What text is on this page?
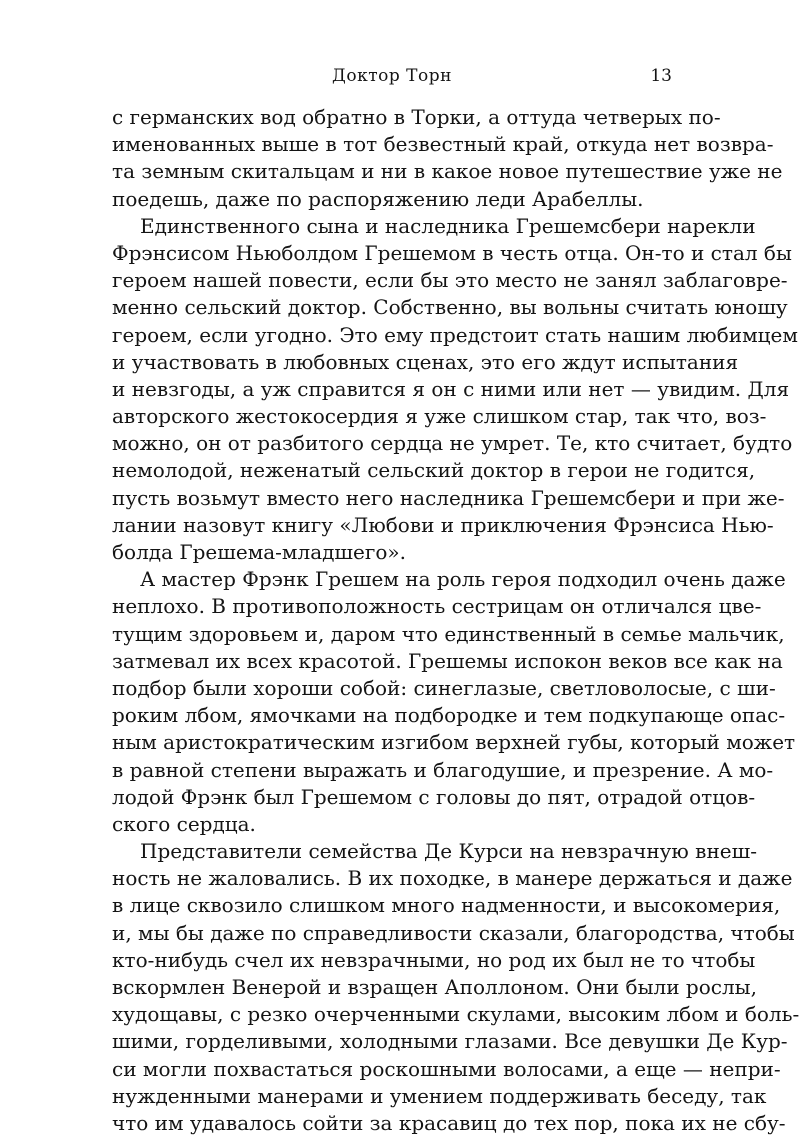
Доктор Торн	13
с германских вод обратно в Торки, а оттуда четверых по-
именованных выше в тот безвестный край, откуда нет возвра-
та земным скитальцам и ни в какое новое путешествие уже не
поедешь, даже по распоряжению леди Арабеллы.
Единственного сына и наследника Грешемсбери нарекли
Фрэнсисом Ньюболдом Грешемом в честь отца. Он-то и стал бы
героем нашей повести, если бы это место не занял заблаговре-
менно сельский доктор. Собственно, вы вольны считать юношу
героем, если угодно. Это ему предстоит стать нашим любимцем
и участвовать в любовных сценах, это его ждут испытания
и невзгоды, а уж справится я он с ними или нет — увидим. Для
авторского жестокосердия я уже слишком стар, так что, воз-
можно, он от разбитого сердца не умрет. Те, кто считает, будто
немолодой, неженатый сельский доктор в герои не годится,
пусть возьмут вместо него наследника Грешемсбери и при же-
лании назовут книгу «Любови и приключения Фрэнсиса Нью-
болда Грешема-младшего».
А мастер Фрэнк Грешем на роль героя подходил очень даже
неплохо. В противоположность сестрицам он отличался цве-
тущим здоровьем и, даром что единственный в семье мальчик,
затмевал их всех красотой. Грешемы испокон веков все как на
подбор были хороши собой: синеглазые, светловолосые, с ши-
роким лбом, ямочками на подбородке и тем подкупающе опас-
ным аристократическим изгибом верхней губы, который может
в равной степени выражать и благодушие, и презрение. А мо-
лодой Фрэнк был Грешемом с головы до пят, отрадой отцов-
ского сердца.
Представители семейства Де Курси на невзрачную внеш-
ность не жаловались. В их походке, в манере держаться и даже
в лице сквозило слишком много надменности, и высокомерия,
и, мы бы даже по справедливости сказали, благородства, чтобы
кто-нибудь счел их невзрачными, но род их был не то чтобы
вскормлен Венерой и взращен Аполлоном. Они были рослы,
худощавы, с резко очерченными скулами, высоким лбом и боль-
шими, горделивыми, холодными глазами. Все девушки Де Кур-
си могли похвастаться роскошными волосами, а еще — непри-
нужденными манерами и умением поддерживать беседу, так
что им удавалось сойти за красавиц до тех пор, пока их не сбу-
